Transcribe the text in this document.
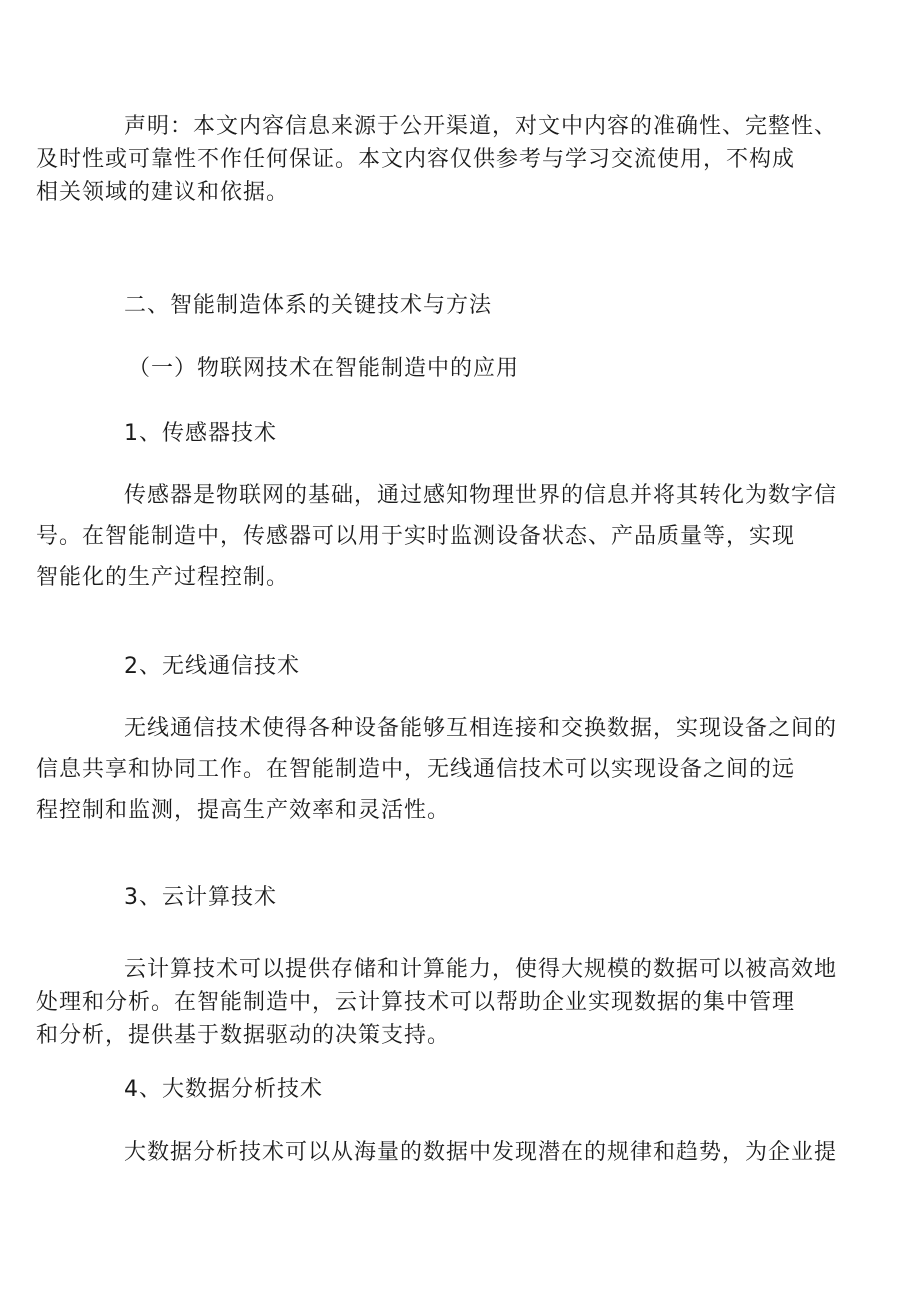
声明：本文内容信息来源于公开渠道，对文中内容的准确性、完整性、
及时性或可靠性不作任何保证。本文内容仅供参考与学习交流使用，不构成
相关领域的建议和依据。
二、智能制造体系的关键技术与方法
（一）物联网技术在智能制造中的应用
1、传感器技术
传感器是物联网的基础，通过感知物理世界的信息并将其转化为数字信
号。在智能制造中，传感器可以用于实时监测设备状态、产品质量等，实现
智能化的生产过程控制。
2、无线通信技术
无线通信技术使得各种设备能够互相连接和交换数据，实现设备之间的
信息共享和协同工作。在智能制造中，无线通信技术可以实现设备之间的远
程控制和监测，提高生产效率和灵活性。
3、云计算技术
云计算技术可以提供存储和计算能力，使得大规模的数据可以被高效地
处理和分析。在智能制造中，云计算技术可以帮助企业实现数据的集中管理
和分析，提供基于数据驱动的决策支持。
4、大数据分析技术
大数据分析技术可以从海量的数据中发现潜在的规律和趋势，为企业提
